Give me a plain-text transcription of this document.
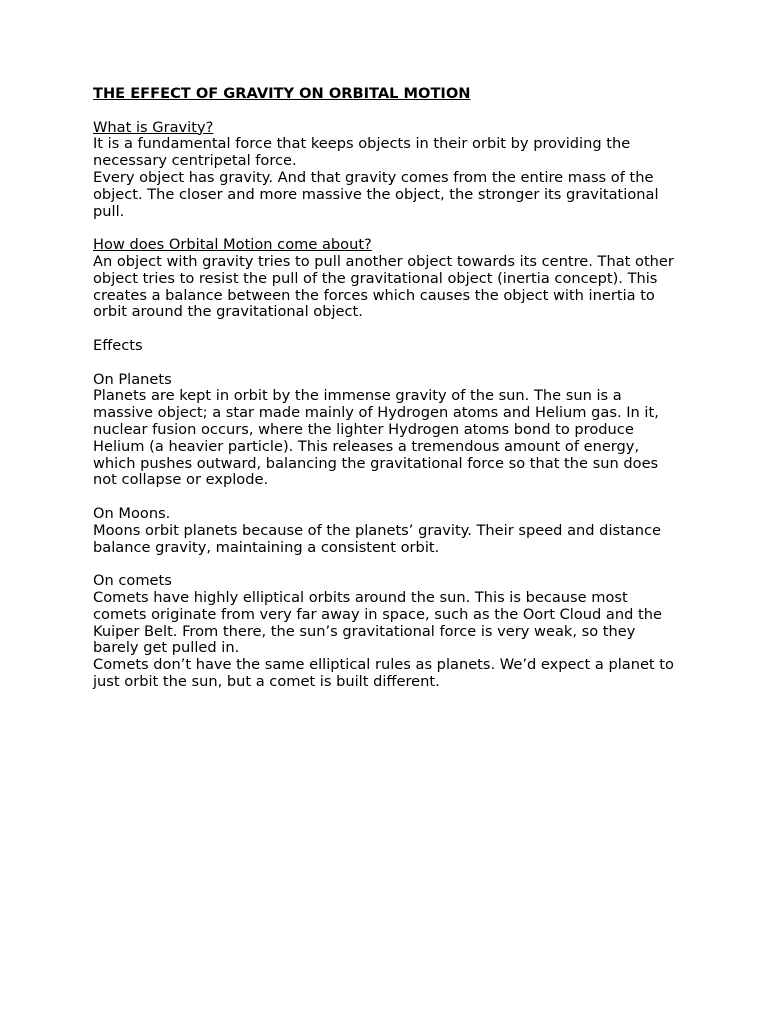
THE EFFECT OF GRAVITY ON ORBITAL MOTION

What is Gravity?

It is a fundamental force that keeps objects in their orbit by providing the necessary centripetal force.

Every object has gravity. And that gravity comes from the entire mass of the object. The closer and more massive the object, the stronger its gravitational pull.

How does Orbital Motion come about?

An object with gravity tries to pull another object towards its centre. That other object tries to resist the pull of the gravitational object (inertia concept). This creates a balance between the forces which causes the object with inertia to orbit around the gravitational object.

Effects

On Planets

Planets are kept in orbit by the immense gravity of the sun. The sun is a massive object; a star made mainly of Hydrogen atoms and Helium gas. In it, nuclear fusion occurs, where the lighter Hydrogen atoms bond to produce Helium (a heavier particle). This releases a tremendous amount of energy, which pushes outward, balancing the gravitational force so that the sun does not collapse or explode.

On Moons.

Moons orbit planets because of the planets’ gravity. Their speed and distance balance gravity, maintaining a consistent orbit.

On comets

Comets have highly elliptical orbits around the sun. This is because most comets originate from very far away in space, such as the Oort Cloud and the Kuiper Belt. From there, the sun’s gravitational force is very weak, so they barely get pulled in.

Comets don’t have the same elliptical rules as planets. We’d expect a planet to just orbit the sun, but a comet is built different.
